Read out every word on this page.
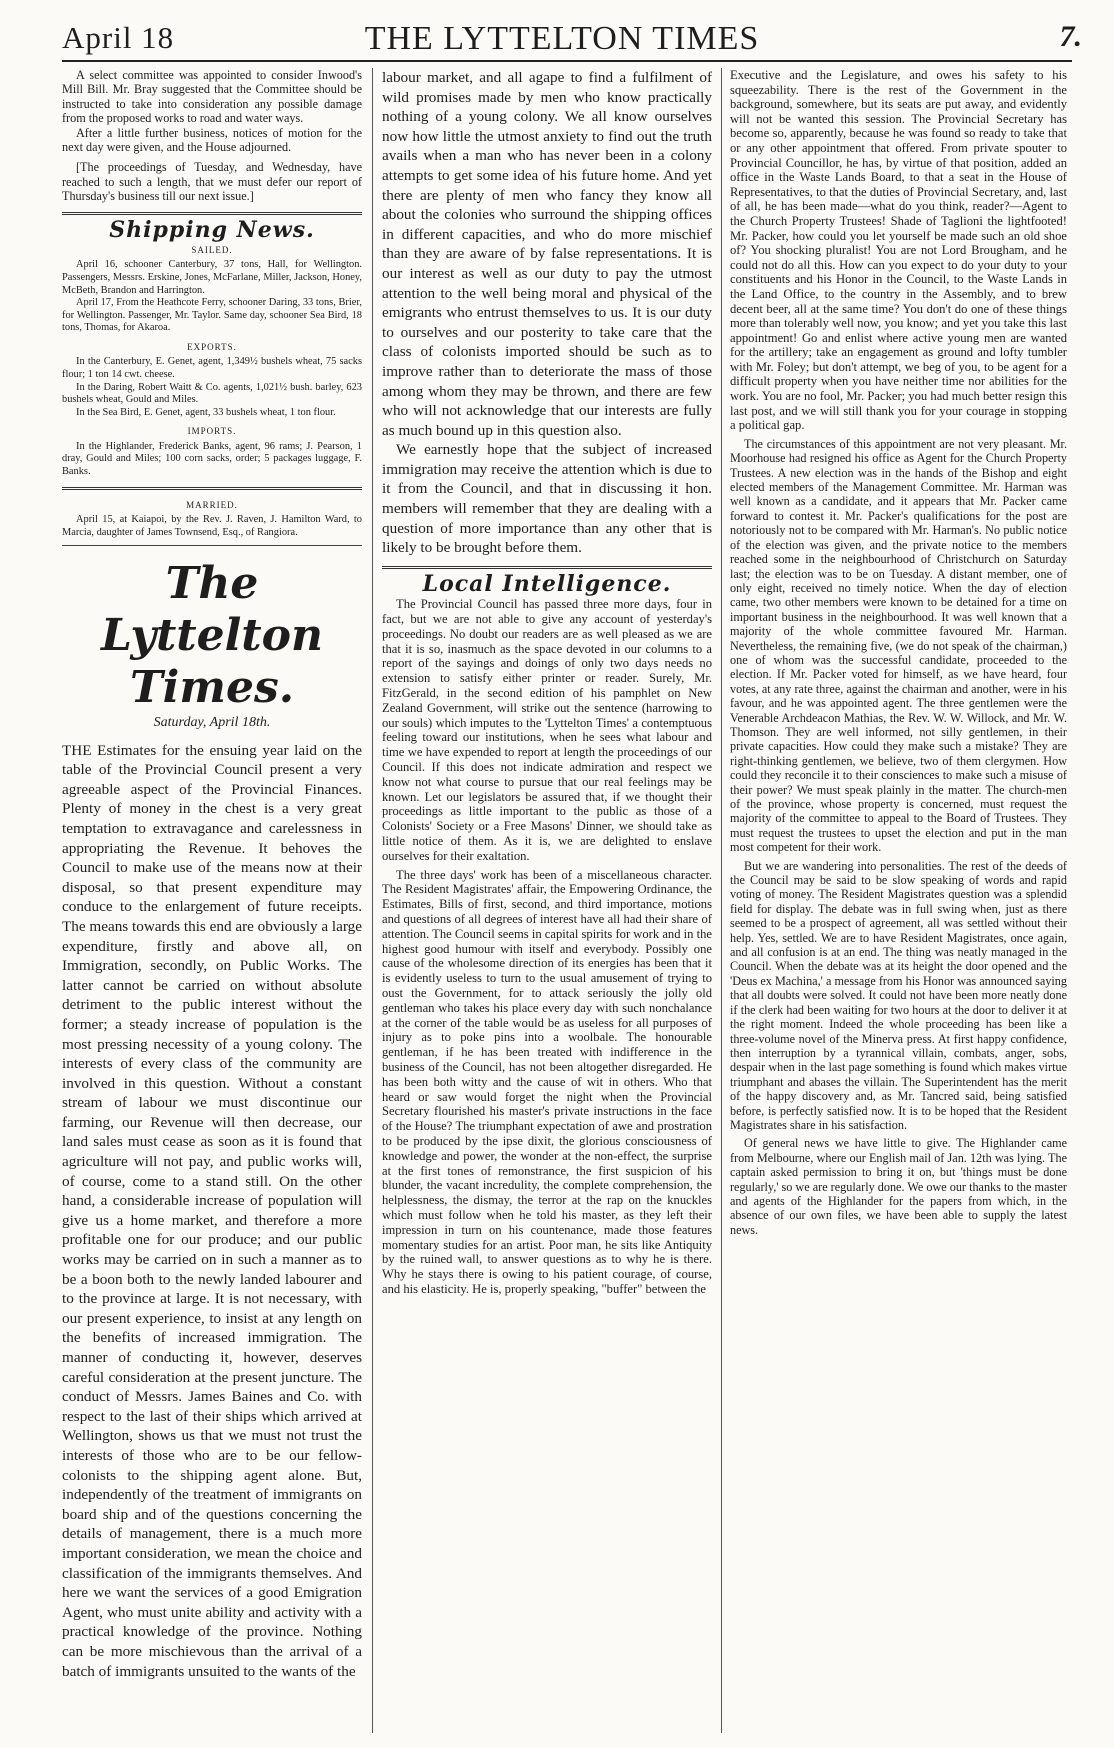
April 18	THE LYTTELTON TIMES	7.

A select committee was appointed to consider Inwood's Mill Bill. Mr. Bray suggested that the Committee should be instructed to take into consideration any possible damage from the proposed works to road and water ways.

After a little further business, notices of motion for the next day were given, and the House adjourned.

[The proceedings of Tuesday, and Wednesday, have reached to such a length, that we must defer our report of Thursday's business till our next issue.]

Shipping News.
SAILED.

April 16, schooner Canterbury, 37 tons, Hall, for Wellington. Passengers, Messrs. Erskine, Jones, McFarlane, Miller, Jackson, Honey, McBeth, Brandon and Harrington.

April 17, From the Heathcote Ferry, schooner Daring, 33 tons, Brier, for Wellington. Passenger, Mr. Taylor. Same day, schooner Sea Bird, 18 tons, Thomas, for Akaroa.

EXPORTS.

In the Canterbury, E. Genet, agent, 1,349½ bushels wheat, 75 sacks flour; 1 ton 14 cwt. cheese.

In the Daring, Robert Waitt & Co. agents, 1,021½ bush. barley, 623 bushels wheat, Gould and Miles.

In the Sea Bird, E. Genet, agent, 33 bushels wheat, 1 ton flour.

IMPORTS.

In the Highlander, Frederick Banks, agent, 96 rams; J. Pearson, 1 dray, Gould and Miles; 100 corn sacks, order; 5 packages luggage, F. Banks.

MARRIED.

April 15, at Kaiapoi, by the Rev. J. Raven, J. Hamilton Ward, to Marcia, daughter of James Townsend, Esq., of Rangiora.

The Lyttelton Times.
Saturday, April 18th.

THE Estimates for the ensuing year laid on the table of the Provincial Council present a very agreeable aspect of the Provincial Finances. Plenty of money in the chest is a very great temptation to extravagance and carelessness in appropriating the Revenue. It behoves the Council to make use of the means now at their disposal, so that present expenditure may conduce to the enlargement of future receipts. The means towards this end are obviously a large expenditure, firstly and above all, on Immigration, secondly, on Public Works. The latter cannot be carried on without absolute detriment to the public interest without the former; a steady increase of population is the most pressing necessity of a young colony. The interests of every class of the community are involved in this question. Without a constant stream of labour we must discontinue our farming, our Revenue will then decrease, our land sales must cease as soon as it is found that agriculture will not pay, and public works will, of course, come to a stand still. On the other hand, a considerable increase of population will give us a home market, and therefore a more profitable one for our produce; and our public works may be carried on in such a manner as to be a boon both to the newly landed labourer and to the province at large. It is not necessary, with our present experience, to insist at any length on the benefits of increased immigration. The manner of conducting it, however, deserves careful consideration at the present juncture. The conduct of Messrs. James Baines and Co. with respect to the last of their ships which arrived at Wellington, shows us that we must not trust the interests of those who are to be our fellow-colonists to the shipping agent alone. But, independently of the treatment of immigrants on board ship and of the questions concerning the details of management, there is a much more important consideration, we mean the choice and classification of the immigrants themselves. And here we want the services of a good Emigration Agent, who must unite ability and activity with a practical knowledge of the province. Nothing can be more mischievous than the arrival of a batch of immigrants unsuited to the wants of the

labour market, and all agape to find a fulfilment of wild promises made by men who know practically nothing of a young colony. We all know ourselves now how little the utmost anxiety to find out the truth avails when a man who has never been in a colony attempts to get some idea of his future home. And yet there are plenty of men who fancy they know all about the colonies who surround the shipping offices in different capacities, and who do more mischief than they are aware of by false representations. It is our interest as well as our duty to pay the utmost attention to the well being moral and physical of the emigrants who entrust themselves to us. It is our duty to ourselves and our posterity to take care that the class of colonists imported should be such as to improve rather than to deteriorate the mass of those among whom they may be thrown, and there are few who will not acknowledge that our interests are fully as much bound up in this question also.

We earnestly hope that the subject of increased immigration may receive the attention which is due to it from the Council, and that in discussing it hon. members will remember that they are dealing with a question of more importance than any other that is likely to be brought before them.

Local Intelligence.

The Provincial Council has passed three more days, four in fact, but we are not able to give any account of yesterday's proceedings. No doubt our readers are as well pleased as we are that it is so, inasmuch as the space devoted in our columns to a report of the sayings and doings of only two days needs no extension to satisfy either printer or reader. Surely, Mr. FitzGerald, in the second edition of his pamphlet on New Zealand Government, will strike out the sentence (harrowing to our souls) which imputes to the 'Lyttelton Times' a contemptuous feeling toward our institutions, when he sees what labour and time we have expended to report at length the proceedings of our Council. If this does not indicate admiration and respect we know not what course to pursue that our real feelings may be known. Let our legislators be assured that, if we thought their proceedings as little important to the public as those of a Colonists' Society or a Free Masons' Dinner, we should take as little notice of them. As it is, we are delighted to enslave ourselves for their exaltation.

The three days' work has been of a miscellaneous character. The Resident Magistrates' affair, the Empowering Ordinance, the Estimates, Bills of first, second, and third importance, motions and questions of all degrees of interest have all had their share of attention. The Council seems in capital spirits for work and in the highest good humour with itself and everybody. Possibly one cause of the wholesome direction of its energies has been that it is evidently useless to turn to the usual amusement of trying to oust the Government, for to attack seriously the jolly old gentleman who takes his place every day with such nonchalance at the corner of the table would be as useless for all purposes of injury as to poke pins into a woolbale. The honourable gentleman, if he has been treated with indifference in the business of the Council, has not been altogether disregarded. He has been both witty and the cause of wit in others. Who that heard or saw would forget the night when the Provincial Secretary flourished his master's private instructions in the face of the House? The triumphant expectation of awe and prostration to be produced by the ipse dixit, the glorious consciousness of knowledge and power, the wonder at the non-effect, the surprise at the first tones of remonstrance, the first suspicion of his blunder, the vacant incredulity, the complete comprehension, the helplessness, the dismay, the terror at the rap on the knuckles which must follow when he told his master, as they left their impression in turn on his countenance, made those features momentary studies for an artist. Poor man, he sits like Antiquity by the ruined wall, to answer questions as to why he is there. Why he stays there is owing to his patient courage, of course, and his elasticity. He is, properly speaking, "buffer" between the

Executive and the Legislature, and owes his safety to his squeezability. There is the rest of the Government in the background, somewhere, but its seats are put away, and evidently will not be wanted this session. The Provincial Secretary has become so, apparently, because he was found so ready to take that or any other appointment that offered. From private spouter to Provincial Councillor, he has, by virtue of that position, added an office in the Waste Lands Board, to that a seat in the House of Representatives, to that the duties of Provincial Secretary, and, last of all, he has been made—what do you think, reader?—Agent to the Church Property Trustees! Shade of Taglioni the lightfooted! Mr. Packer, how could you let yourself be made such an old shoe of? You shocking pluralist! You are not Lord Brougham, and he could not do all this. How can you expect to do your duty to your constituents and his Honor in the Council, to the Waste Lands in the Land Office, to the country in the Assembly, and to brew decent beer, all at the same time? You don't do one of these things more than tolerably well now, you know; and yet you take this last appointment! Go and enlist where active young men are wanted for the artillery; take an engagement as ground and lofty tumbler with Mr. Foley; but don't attempt, we beg of you, to be agent for a difficult property when you have neither time nor abilities for the work. You are no fool, Mr. Packer; you had much better resign this last post, and we will still thank you for your courage in stopping a political gap.

The circumstances of this appointment are not very pleasant. Mr. Moorhouse had resigned his office as Agent for the Church Property Trustees. A new election was in the hands of the Bishop and eight elected members of the Management Committee. Mr. Harman was well known as a candidate, and it appears that Mr. Packer came forward to contest it. Mr. Packer's qualifications for the post are notoriously not to be compared with Mr. Harman's. No public notice of the election was given, and the private notice to the members reached some in the neighbourhood of Christchurch on Saturday last; the election was to be on Tuesday. A distant member, one of only eight, received no timely notice. When the day of election came, two other members were known to be detained for a time on important business in the neighbourhood. It was well known that a majority of the whole committee favoured Mr. Harman. Nevertheless, the remaining five, (we do not speak of the chairman,) one of whom was the successful candidate, proceeded to the election. If Mr. Packer voted for himself, as we have heard, four votes, at any rate three, against the chairman and another, were in his favour, and he was appointed agent. The three gentlemen were the Venerable Archdeacon Mathias, the Rev. W. W. Willock, and Mr. W. Thomson. They are well informed, not silly gentlemen, in their private capacities. How could they make such a mistake? They are right-thinking gentlemen, we believe, two of them clergymen. How could they reconcile it to their consciences to make such a misuse of their power? We must speak plainly in the matter. The church-men of the province, whose property is concerned, must request the majority of the committee to appeal to the Board of Trustees. They must request the trustees to upset the election and put in the man most competent for their work.

But we are wandering into personalities. The rest of the deeds of the Council may be said to be slow speaking of words and rapid voting of money. The Resident Magistrates question was a splendid field for display. The debate was in full swing when, just as there seemed to be a prospect of agreement, all was settled without their help. Yes, settled. We are to have Resident Magistrates, once again, and all confusion is at an end. The thing was neatly managed in the Council. When the debate was at its height the door opened and the 'Deus ex Machina,' a message from his Honor was announced saying that all doubts were solved. It could not have been more neatly done if the clerk had been waiting for two hours at the door to deliver it at the right moment. Indeed the whole proceeding has been like a three-volume novel of the Minerva press. At first happy confidence, then interruption by a tyrannical villain, combats, anger, sobs, despair when in the last page something is found which makes virtue triumphant and abases the villain. The Superintendent has the merit of the happy discovery and, as Mr. Tancred said, being satisfied before, is perfectly satisfied now. It is to be hoped that the Resident Magistrates share in his satisfaction.

Of general news we have little to give. The Highlander came from Melbourne, where our English mail of Jan. 12th was lying. The captain asked permission to bring it on, but 'things must be done regularly,' so we are regularly done. We owe our thanks to the master and agents of the Highlander for the papers from which, in the absence of our own files, we have been able to supply the latest news.
